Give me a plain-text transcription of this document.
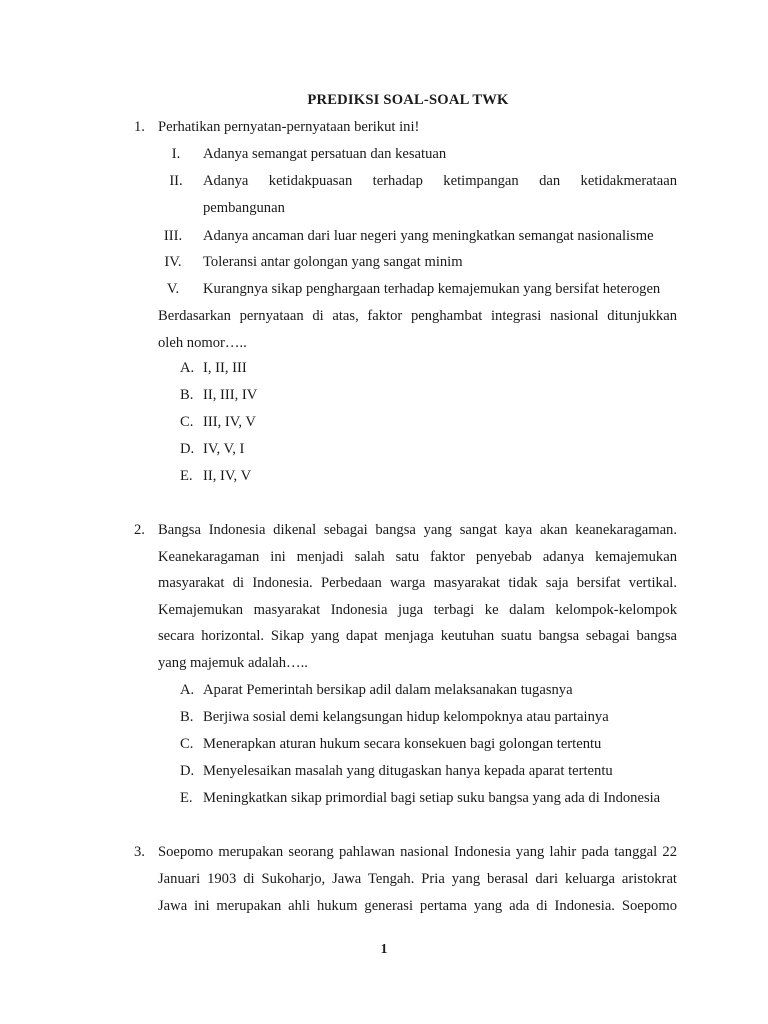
PREDIKSI SOAL-SOAL TWK
1. Perhatikan pernyatan-pernyataan berikut ini!
I.	Adanya semangat persatuan dan kesatuan
II.	Adanya ketidakpuasan terhadap ketimpangan dan ketidakmerataan
pembangunan
III.	Adanya ancaman dari luar negeri yang meningkatkan semangat nasionalisme
IV.	Toleransi antar golongan yang sangat minim
V.	Kurangnya sikap penghargaan terhadap kemajemukan yang bersifat heterogen
Berdasarkan pernyataan di atas, faktor penghambat integrasi nasional ditunjukkan
oleh nomor…..
A. I, II, III
B. II, III, IV
C. III, IV, V
D. IV, V, I
E. II, IV, V
2. Bangsa Indonesia dikenal sebagai bangsa yang sangat kaya akan keanekaragaman.
Keanekaragaman ini menjadi salah satu faktor penyebab adanya kemajemukan
masyarakat di Indonesia. Perbedaan warga masyarakat tidak saja bersifat vertikal.
Kemajemukan masyarakat Indonesia juga terbagi ke dalam kelompok-kelompok
secara horizontal. Sikap yang dapat menjaga keutuhan suatu bangsa sebagai bangsa
yang majemuk adalah…..
A. Aparat Pemerintah bersikap adil dalam melaksanakan tugasnya
B. Berjiwa sosial demi kelangsungan hidup kelompoknya atau partainya
C. Menerapkan aturan hukum secara konsekuen bagi golongan tertentu
D. Menyelesaikan masalah yang ditugaskan hanya kepada aparat tertentu
E. Meningkatkan sikap primordial bagi setiap suku bangsa yang ada di Indonesia
3. Soepomo merupakan seorang pahlawan nasional Indonesia yang lahir pada tanggal 22
Januari 1903 di Sukoharjo, Jawa Tengah. Pria yang berasal dari keluarga aristokrat
Jawa ini merupakan ahli hukum generasi pertama yang ada di Indonesia. Soepomo
1
